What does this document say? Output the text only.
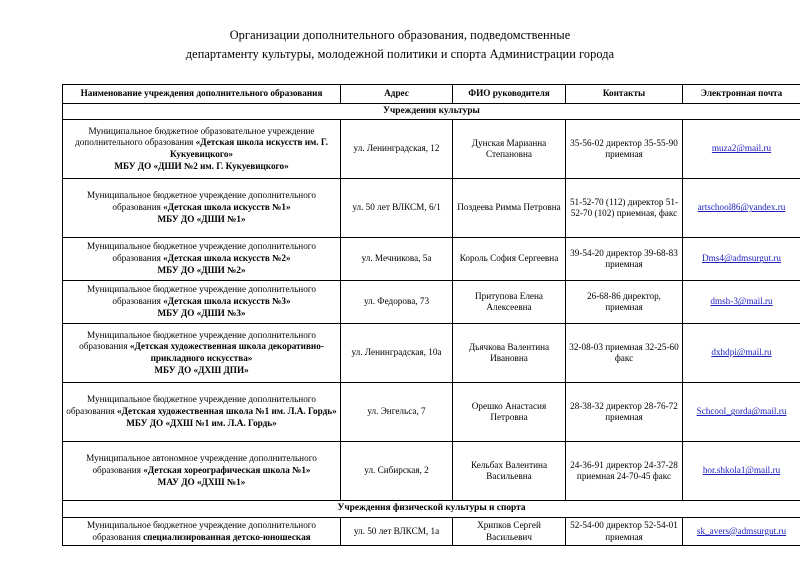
Организации дополнительного образования, подведомственные
департаменту культуры, молодежной политики и спорта Администрации города
Наименование учреждения дополнительного образования	Адрес	ФИО руководителя	Контакты	Электронная почта
Учреждения культуры				
Муниципальное бюджетное образовательное учреждение дополнительного образования «Детская школа искусств им. Г. Кукуевицкого»
МБУ ДО «ДШИ №2 им. Г. Кукуевицкого»	ул. Ленинградская, 12	Дунская Марианна Степановна	35-56-02 директор 35-55-90 приемная	muza2@mail.ru
Муниципальное бюджетное учреждение дополнительного образования «Детская школа искусств №1»
МБУ ДО «ДШИ №1»	ул. 50 лет ВЛКСМ, 6/1	Поздеева Римма Петровна	51-52-70 (112) директор 51-52-70 (102) приемная, факс	artschool86@yandex.ru
Муниципальное бюджетное учреждение дополнительного образования «Детская школа искусств №2»
МБУ ДО «ДШИ №2»	ул. Мечникова, 5а	Король София Сергеевна	39-54-20 директор 39-68-83 приемная	Dms4@admsurgut.ru
Муниципальное бюджетное учреждение дополнительного образования «Детская школа искусств №3»
МБУ ДО «ДШИ №3»	ул. Федорова, 73	Притупова Елена Алексеевна	26-68-86 директор, приемная	dmsh-3@mail.ru
Муниципальное бюджетное учреждение дополнительного образования «Детская художественная школа декоративно-прикладного искусства»
МБУ ДО «ДХШ ДПИ»	ул. Ленинградская, 10а	Дьячкова Валентина Ивановна	32-08-03 приемная 32-25-60 факс	dxhdpi@mail.ru
Муниципальное бюджетное учреждение дополнительного образования «Детская художественная школа №1 им. Л.А. Гордь»
МБУ ДО «ДХШ №1 им. Л.А. Гордь»	ул. Энгельса, 7	Орешко Анастасия Петровна	28-38-32 директор 28-76-72 приемная	Schcool_gorda@mail.ru
Муниципальное автономное учреждение дополнительного образования «Детская хореографическая школа №1»
МАУ ДО «ДХШ №1»	ул. Сибирская, 2	Кельбах Валентина Васильевна	24-36-91 директор 24-37-28 приемная 24-70-45 факс	hor.shkola1@mail.ru
Учреждения физической культуры и спорта				
Муниципальное бюджетное учреждение дополнительного образования специализированная детско-юношеская	ул. 50 лет ВЛКСМ, 1а	Хрипков Сергей Васильевич	52-54-00 директор 52-54-01 приемная	sk_avers@admsurgut.ru
